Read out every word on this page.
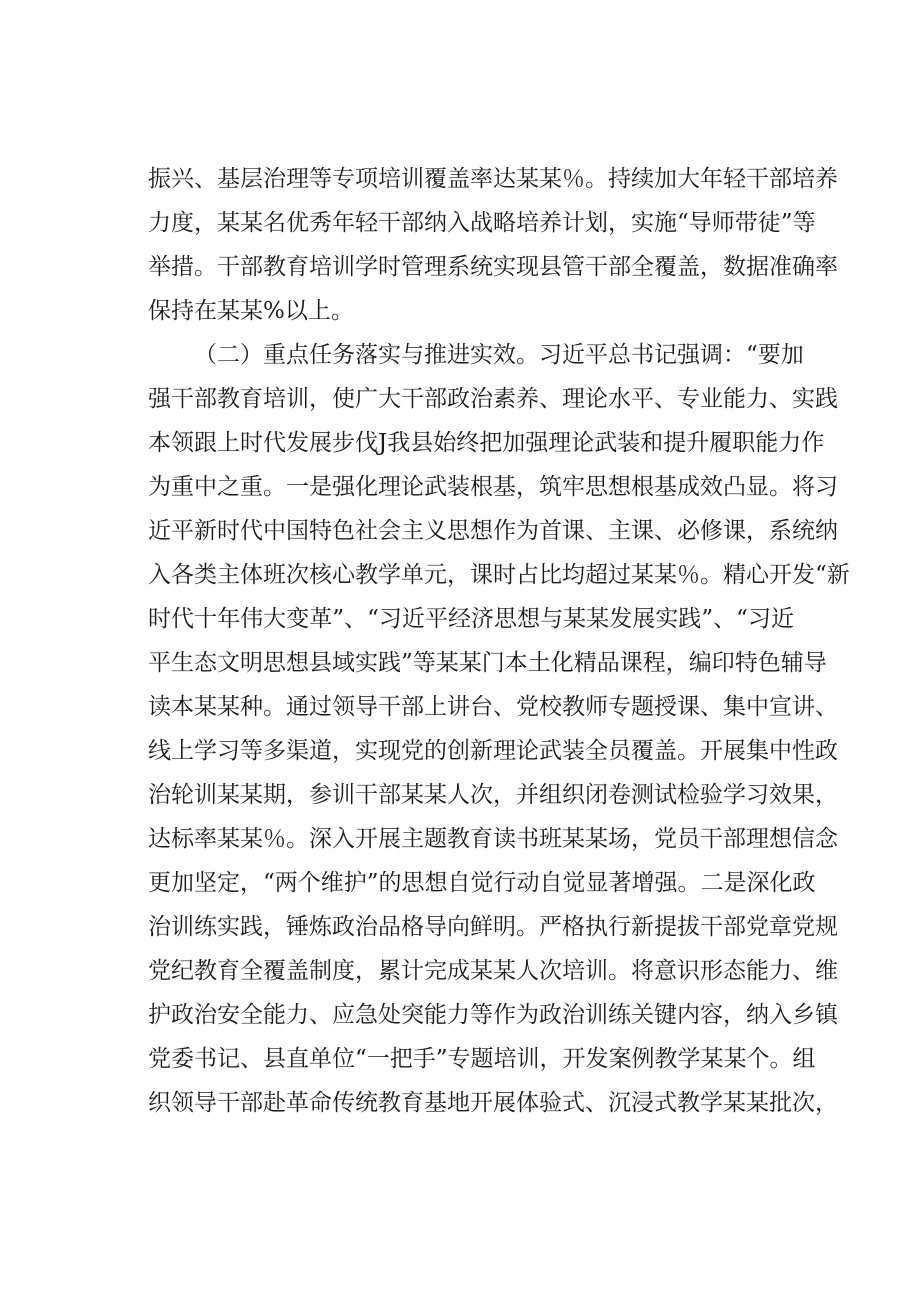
振兴、基层治理等专项培训覆盖率达某某％。持续加大年轻干部培养
力度，某某名优秀年轻干部纳入战略培养计划，实施“导师带徒”等
举措。干部教育培训学时管理系统实现县管干部全覆盖，数据准确率
保持在某某%以上。
（二）重点任务落实与推进实效。习近平总书记强调：“要加
强干部教育培训，使广大干部政治素养、理论水平、专业能力、实践
本领跟上时代发展步伐J我县始终把加强理论武装和提升履职能力作
为重中之重。一是强化理论武装根基，筑牢思想根基成效凸显。将习
近平新时代中国特色社会主义思想作为首课、主课、必修课，系统纳
入各类主体班次核心教学单元，课时占比均超过某某％。精心开发“新
时代十年伟大变革”、“习近平经济思想与某某发展实践”、“习近
平生态文明思想县域实践”等某某门本土化精品课程，编印特色辅导
读本某某种。通过领导干部上讲台、党校教师专题授课、集中宣讲、
线上学习等多渠道，实现党的创新理论武装全员覆盖。开展集中性政
治轮训某某期，参训干部某某人次，并组织闭卷测试检验学习效果，
达标率某某％。深入开展主题教育读书班某某场，党员干部理想信念
更加坚定，“两个维护”的思想自觉行动自觉显著增强。二是深化政
治训练实践，锤炼政治品格导向鲜明。严格执行新提拔干部党章党规
党纪教育全覆盖制度，累计完成某某人次培训。将意识形态能力、维
护政治安全能力、应急处突能力等作为政治训练关键内容，纳入乡镇
党委书记、县直单位“一把手”专题培训，开发案例教学某某个。组
织领导干部赴革命传统教育基地开展体验式、沉浸式教学某某批次，
